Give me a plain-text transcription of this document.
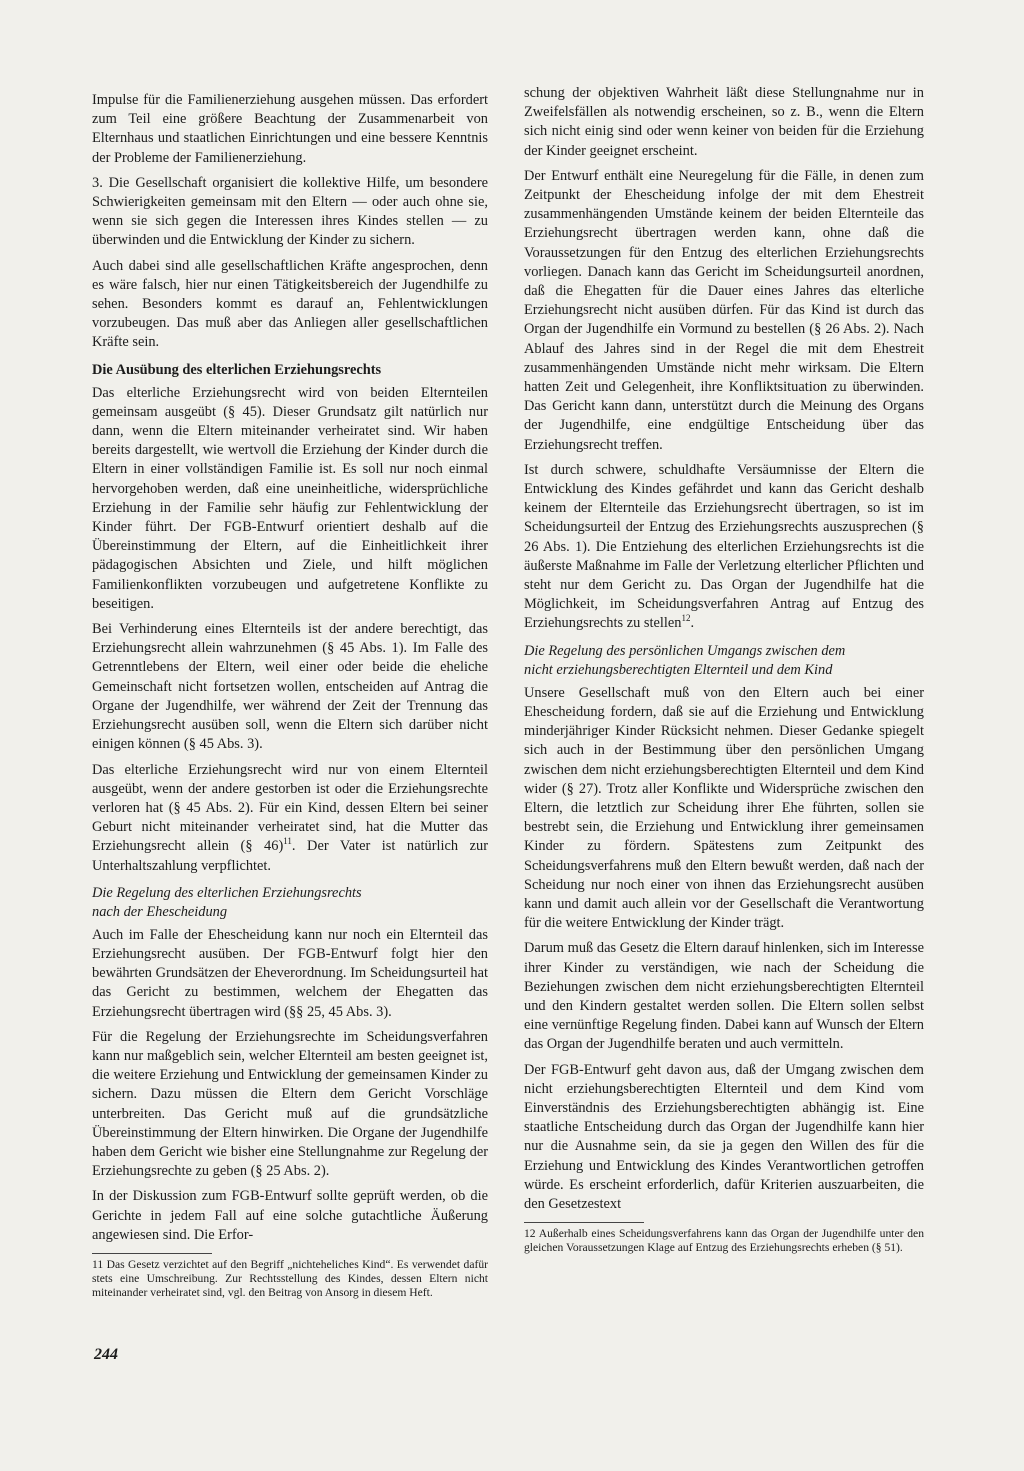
Impulse für die Familienerziehung ausgehen müssen. Das erfordert zum Teil eine größere Beachtung der Zusammenarbeit von Elternhaus und staatlichen Einrichtungen und eine bessere Kenntnis der Probleme der Familienerziehung.

3. Die Gesellschaft organisiert die kollektive Hilfe, um besondere Schwierigkeiten gemeinsam mit den Eltern — oder auch ohne sie, wenn sie sich gegen die Interessen ihres Kindes stellen — zu überwinden und die Entwicklung der Kinder zu sichern.

Auch dabei sind alle gesellschaftlichen Kräfte angesprochen, denn es wäre falsch, hier nur einen Tätigkeitsbereich der Jugendhilfe zu sehen. Besonders kommt es darauf an, Fehlentwicklungen vorzubeugen. Das muß aber das Anliegen aller gesellschaftlichen Kräfte sein.

Die Ausübung des elterlichen Erziehungsrechts

Das elterliche Erziehungsrecht wird von beiden Elternteilen gemeinsam ausgeübt (§ 45). Dieser Grundsatz gilt natürlich nur dann, wenn die Eltern miteinander verheiratet sind. Wir haben bereits dargestellt, wie wertvoll die Erziehung der Kinder durch die Eltern in einer vollständigen Familie ist. Es soll nur noch einmal hervorgehoben werden, daß eine uneinheitliche, widersprüchliche Erziehung in der Familie sehr häufig zur Fehlentwicklung der Kinder führt. Der FGB-Entwurf orientiert deshalb auf die Übereinstimmung der Eltern, auf die Einheitlichkeit ihrer pädagogischen Absichten und Ziele, und hilft möglichen Familienkonflikten vorzubeugen und aufgetretene Konflikte zu beseitigen.

Bei Verhinderung eines Elternteils ist der andere berechtigt, das Erziehungsrecht allein wahrzunehmen (§ 45 Abs. 1). Im Falle des Getrenntlebens der Eltern, weil einer oder beide die eheliche Gemeinschaft nicht fortsetzen wollen, entscheiden auf Antrag die Organe der Jugendhilfe, wer während der Zeit der Trennung das Erziehungsrecht ausüben soll, wenn die Eltern sich darüber nicht einigen können (§ 45 Abs. 3).

Das elterliche Erziehungsrecht wird nur von einem Elternteil ausgeübt, wenn der andere gestorben ist oder die Erziehungsrechte verloren hat (§ 45 Abs. 2). Für ein Kind, dessen Eltern bei seiner Geburt nicht miteinander verheiratet sind, hat die Mutter das Erziehungsrecht allein (§ 46)$^{11}$. Der Vater ist natürlich zur Unterhaltszahlung verpflichtet.

Die Regelung des elterlichen Erziehungsrechts
nach der Ehescheidung

Auch im Falle der Ehescheidung kann nur noch ein Elternteil das Erziehungsrecht ausüben. Der FGB-Entwurf folgt hier den bewährten Grundsätzen der Eheverordnung. Im Scheidungsurteil hat das Gericht zu bestimmen, welchem der Ehegatten das Erziehungsrecht übertragen wird (§§ 25, 45 Abs. 3).

Für die Regelung der Erziehungsrechte im Scheidungsverfahren kann nur maßgeblich sein, welcher Elternteil am besten geeignet ist, die weitere Erziehung und Entwicklung der gemeinsamen Kinder zu sichern. Dazu müssen die Eltern dem Gericht Vorschläge unterbreiten. Das Gericht muß auf die grundsätzliche Übereinstimmung der Eltern hinwirken. Die Organe der Jugendhilfe haben dem Gericht wie bisher eine Stellungnahme zur Regelung der Erziehungsrechte zu geben (§ 25 Abs. 2).

In der Diskussion zum FGB-Entwurf sollte geprüft werden, ob die Gerichte in jedem Fall auf eine solche gutachtliche Äußerung angewiesen sind. Die Erfor-

11 Das Gesetz verzichtet auf den Begriff „nichteheliches Kind“. Es verwendet dafür stets eine Umschreibung. Zur Rechtsstellung des Kindes, dessen Eltern nicht miteinander verheiratet sind, vgl. den Beitrag von Ansorg in diesem Heft.

schung der objektiven Wahrheit läßt diese Stellungnahme nur in Zweifelsfällen als notwendig erscheinen, so z. B., wenn die Eltern sich nicht einig sind oder wenn keiner von beiden für die Erziehung der Kinder geeignet erscheint.

Der Entwurf enthält eine Neuregelung für die Fälle, in denen zum Zeitpunkt der Ehescheidung infolge der mit dem Ehestreit zusammenhängenden Umstände keinem der beiden Elternteile das Erziehungsrecht übertragen werden kann, ohne daß die Voraussetzungen für den Entzug des elterlichen Erziehungsrechts vorliegen. Danach kann das Gericht im Scheidungsurteil anordnen, daß die Ehegatten für die Dauer eines Jahres das elterliche Erziehungsrecht nicht ausüben dürfen. Für das Kind ist durch das Organ der Jugendhilfe ein Vormund zu bestellen (§ 26 Abs. 2). Nach Ablauf des Jahres sind in der Regel die mit dem Ehestreit zusammenhängenden Umstände nicht mehr wirksam. Die Eltern hatten Zeit und Gelegenheit, ihre Konfliktsituation zu überwinden. Das Gericht kann dann, unterstützt durch die Meinung des Organs der Jugendhilfe, eine endgültige Entscheidung über das Erziehungsrecht treffen.

Ist durch schwere, schuldhafte Versäumnisse der Eltern die Entwicklung des Kindes gefährdet und kann das Gericht deshalb keinem der Elternteile das Erziehungsrecht übertragen, so ist im Scheidungsurteil der Entzug des Erziehungsrechts auszusprechen (§ 26 Abs. 1). Die Entziehung des elterlichen Erziehungsrechts ist die äußerste Maßnahme im Falle der Verletzung elterlicher Pflichten und steht nur dem Gericht zu. Das Organ der Jugendhilfe hat die Möglichkeit, im Scheidungsverfahren Antrag auf Entzug des Erziehungsrechts zu stellen$^{12}$.

Die Regelung des persönlichen Umgangs zwischen dem
nicht erziehungsberechtigten Elternteil und dem Kind

Unsere Gesellschaft muß von den Eltern auch bei einer Ehescheidung fordern, daß sie auf die Erziehung und Entwicklung minderjähriger Kinder Rücksicht nehmen. Dieser Gedanke spiegelt sich auch in der Bestimmung über den persönlichen Umgang zwischen dem nicht erziehungsberechtigten Elternteil und dem Kind wider (§ 27). Trotz aller Konflikte und Widersprüche zwischen den Eltern, die letztlich zur Scheidung ihrer Ehe führten, sollen sie bestrebt sein, die Erziehung und Entwicklung ihrer gemeinsamen Kinder zu fördern. Spätestens zum Zeitpunkt des Scheidungsverfahrens muß den Eltern bewußt werden, daß nach der Scheidung nur noch einer von ihnen das Erziehungsrecht ausüben kann und damit auch allein vor der Gesellschaft die Verantwortung für die weitere Entwicklung der Kinder trägt.

Darum muß das Gesetz die Eltern darauf hinlenken, sich im Interesse ihrer Kinder zu verständigen, wie nach der Scheidung die Beziehungen zwischen dem nicht erziehungsberechtigten Elternteil und den Kindern gestaltet werden sollen. Die Eltern sollen selbst eine vernünftige Regelung finden. Dabei kann auf Wunsch der Eltern das Organ der Jugendhilfe beraten und auch vermitteln.

Der FGB-Entwurf geht davon aus, daß der Umgang zwischen dem nicht erziehungsberechtigten Elternteil und dem Kind vom Einverständnis des Erziehungsberechtigten abhängig ist. Eine staatliche Entscheidung durch das Organ der Jugendhilfe kann hier nur die Ausnahme sein, da sie ja gegen den Willen des für die Erziehung und Entwicklung des Kindes Verantwortlichen getroffen würde. Es erscheint erforderlich, dafür Kriterien auszuarbeiten, die den Gesetzestext

12 Außerhalb eines Scheidungsverfahrens kann das Organ der Jugendhilfe unter den gleichen Voraussetzungen Klage auf Entzug des Erziehungsrechts erheben (§ 51).

244
